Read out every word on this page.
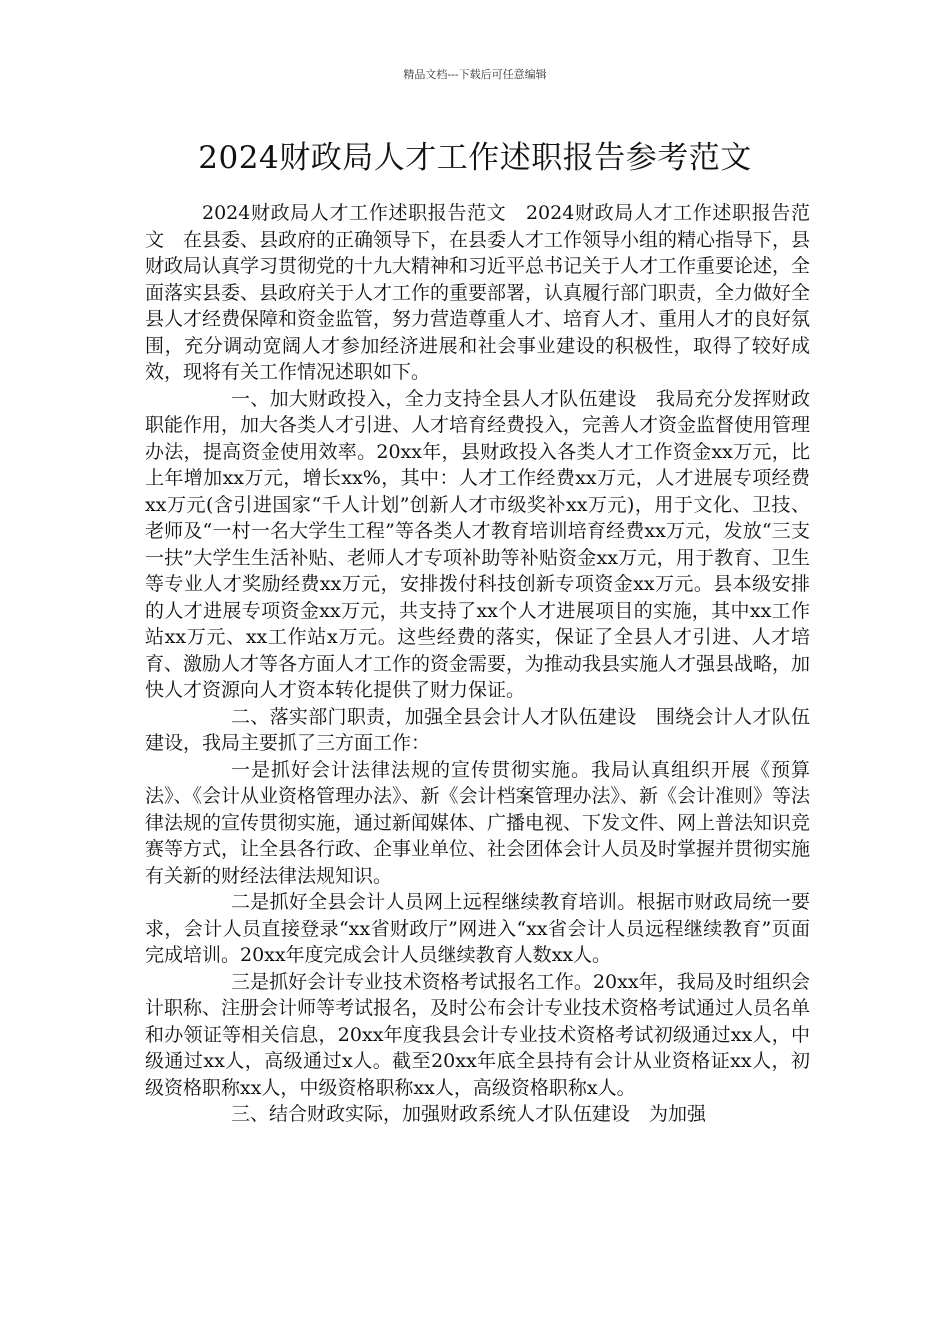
精品文档---下载后可任意编辑
2024财政局人才工作述职报告参考范文

2024财政局人才工作述职报告范文　2024财政局人才工作述职报告范文　在县委、县政府的正确领导下，在县委人才工作领导小组的精心指导下，县财政局认真学习贯彻党的十九大精神和习近平总书记关于人才工作重要论述，全面落实县委、县政府关于人才工作的重要部署，认真履行部门职责，全力做好全县人才经费保障和资金监管，努力营造尊重人才、培育人才、重用人才的良好氛围，充分调动宽阔人才参加经济进展和社会事业建设的积极性，取得了较好成效，现将有关工作情况述职如下。

一、加大财政投入，全力支持全县人才队伍建设　我局充分发挥财政职能作用，加大各类人才引进、人才培育经费投入，完善人才资金监督使用管理办法，提高资金使用效率。20xx年，县财政投入各类人才工作资金xx万元，比上年增加xx万元，增长xx%，其中：人才工作经费xx万元，人才进展专项经费xx万元(含引进国家“千人计划”创新人才市级奖补xx万元)，用于文化、卫技、老师及“一村一名大学生工程”等各类人才教育培训培育经费xx万元，发放“三支一扶”大学生生活补贴、老师人才专项补助等补贴资金xx万元，用于教育、卫生等专业人才奖励经费xx万元，安排拨付科技创新专项资金xx万元。县本级安排的人才进展专项资金xx万元，共支持了xx个人才进展项目的实施，其中xx工作站xx万元、xx工作站x万元。这些经费的落实，保证了全县人才引进、人才培育、激励人才等各方面人才工作的资金需要，为推动我县实施人才强县战略，加快人才资源向人才资本转化提供了财力保证。

二、落实部门职责，加强全县会计人才队伍建设　围绕会计人才队伍建设，我局主要抓了三方面工作：

一是抓好会计法律法规的宣传贯彻实施。我局认真组织开展《预算法》、《会计从业资格管理办法》、新《会计档案管理办法》、新《会计准则》等法律法规的宣传贯彻实施，通过新闻媒体、广播电视、下发文件、网上普法知识竞赛等方式，让全县各行政、企事业单位、社会团体会计人员及时掌握并贯彻实施有关新的财经法律法规知识。

二是抓好全县会计人员网上远程继续教育培训。根据市财政局统一要求，会计人员直接登录“xx省财政厅”网进入“xx省会计人员远程继续教育”页面完成培训。20xx年度完成会计人员继续教育人数xx人。

三是抓好会计专业技术资格考试报名工作。20xx年，我局及时组织会计职称、注册会计师等考试报名，及时公布会计专业技术资格考试通过人员名单和办领证等相关信息，20xx年度我县会计专业技术资格考试初级通过xx人，中级通过xx人，高级通过x人。截至20xx年底全县持有会计从业资格证xx人，初级资格职称xx人，中级资格职称xx人，高级资格职称x人。

三、结合财政实际，加强财政系统人才队伍建设　为加强
